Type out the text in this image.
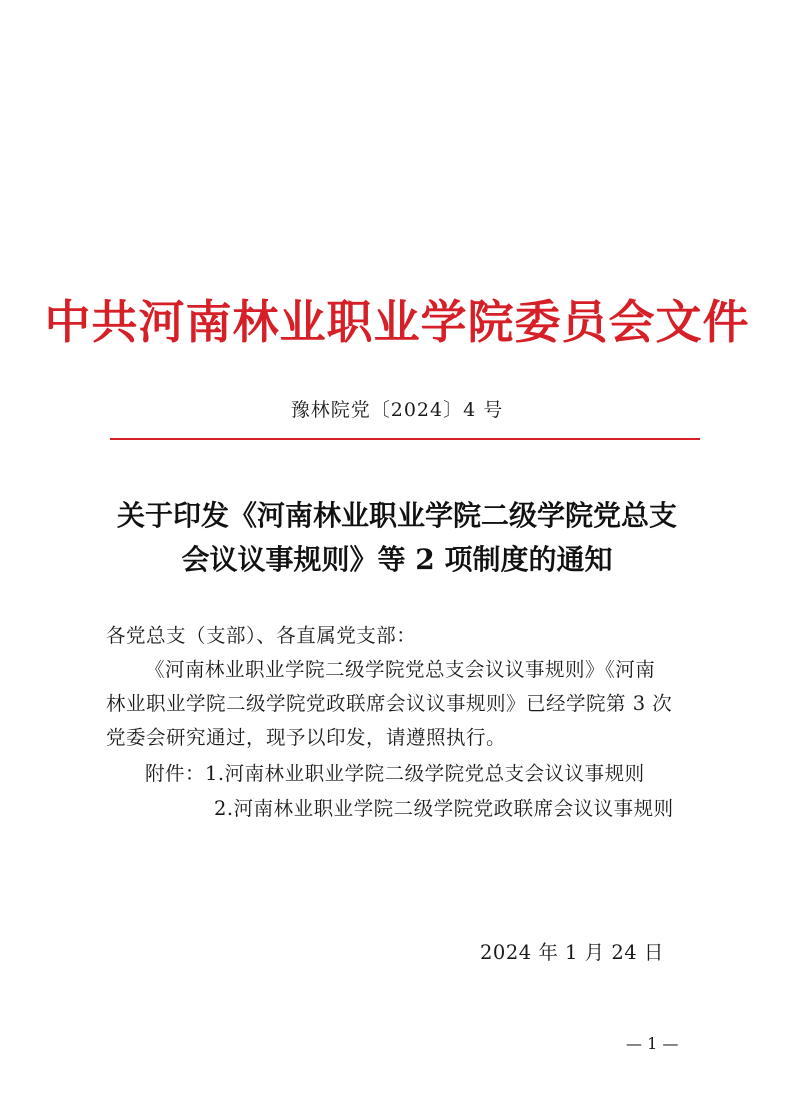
中共河南林业职业学院委员会文件
豫林院党〔2024〕4 号
关于印发《河南林业职业学院二级学院党总支
会议议事规则》等 2 项制度的通知
各党总支（支部）、各直属党支部：
《河南林业职业学院二级学院党总支会议议事规则》《河南
林业职业学院二级学院党政联席会议议事规则》已经学院第 3 次
党委会研究通过，现予以印发，请遵照执行。
附件：1.河南林业职业学院二级学院党总支会议议事规则
2.河南林业职业学院二级学院党政联席会议议事规则
2024 年 1 月 24 日
— 1 —
